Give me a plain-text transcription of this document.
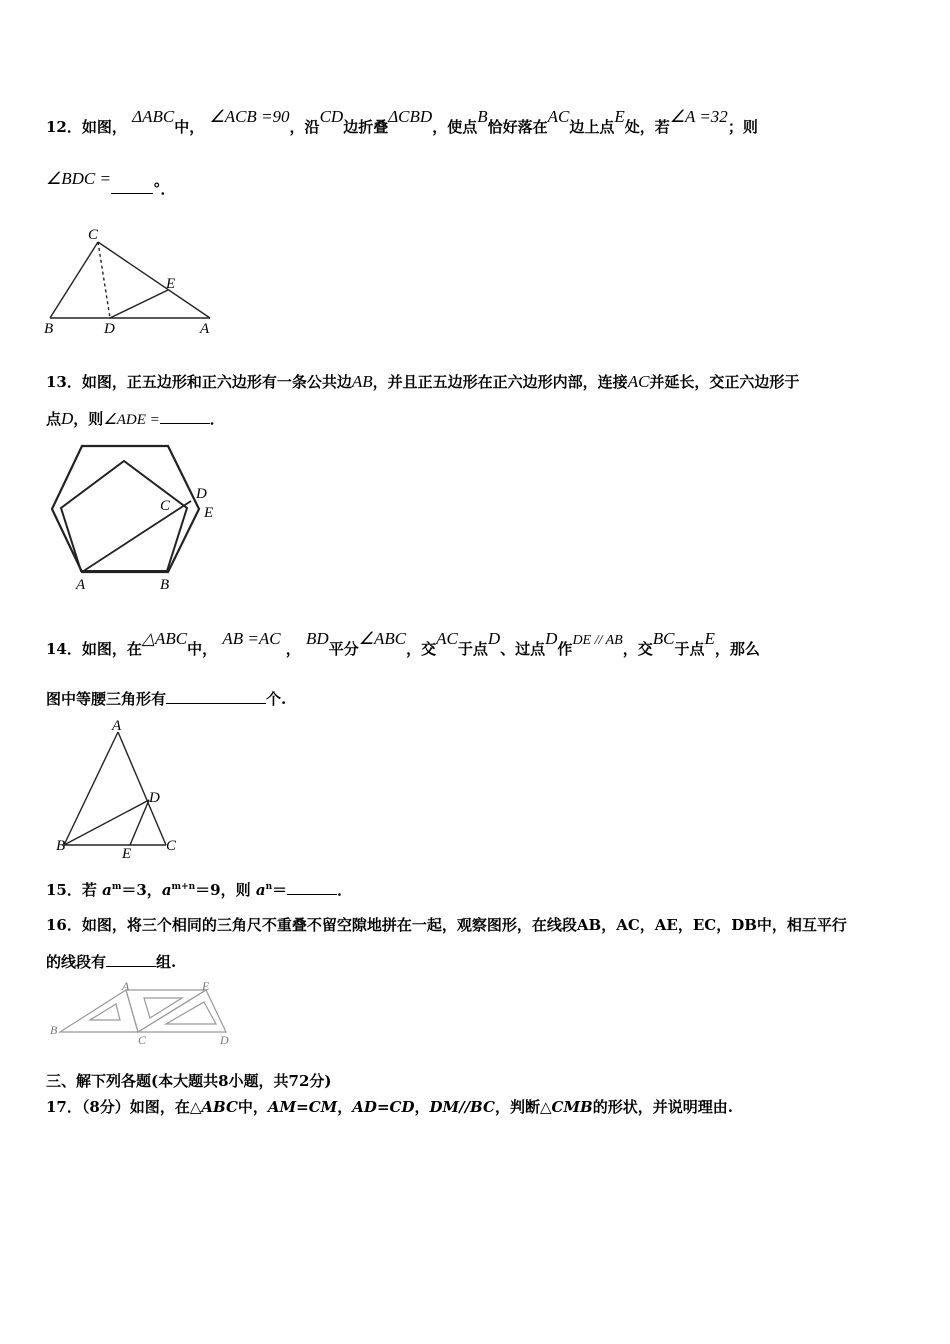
12．如图， ΔABC中， ∠ACB =90，沿CD边折叠ΔCBD，使点B恰好落在AC边上点E处，若∠A =32；则
∠BDC =°．
C
E
B	D	A
13．如图，正五边形和正六边形有一条公共边AB，并且正五边形在正六边形内部，连接AC并延长，交正六边形于
点D，则∠ADE =	．
C
D
E
A	B
14．如图，在△ABC中， AB =AC ， BD平分∠ABC，交AC于点D、过点D作DE // AB，交BC于点E，那么
图中等腰三角形有	个.
A
D
B	E C
15．若 $a^m=3$，$a^{m+n}=9$，则 $a^n=$	．
16．如图，将三个相同的三角尺不重叠不留空隙地拼在一起，观察图形，在线段AB，AC，AE，EC，DB中，相互平行
的线段有	组.
A	E
B
C	D
三、解下列各题(本大题共8小题，共72分)
17．（8分）如图，在△ABC中，AM=CM，AD=CD，DM//BC，判断△CMB的形状，并说明理由.
